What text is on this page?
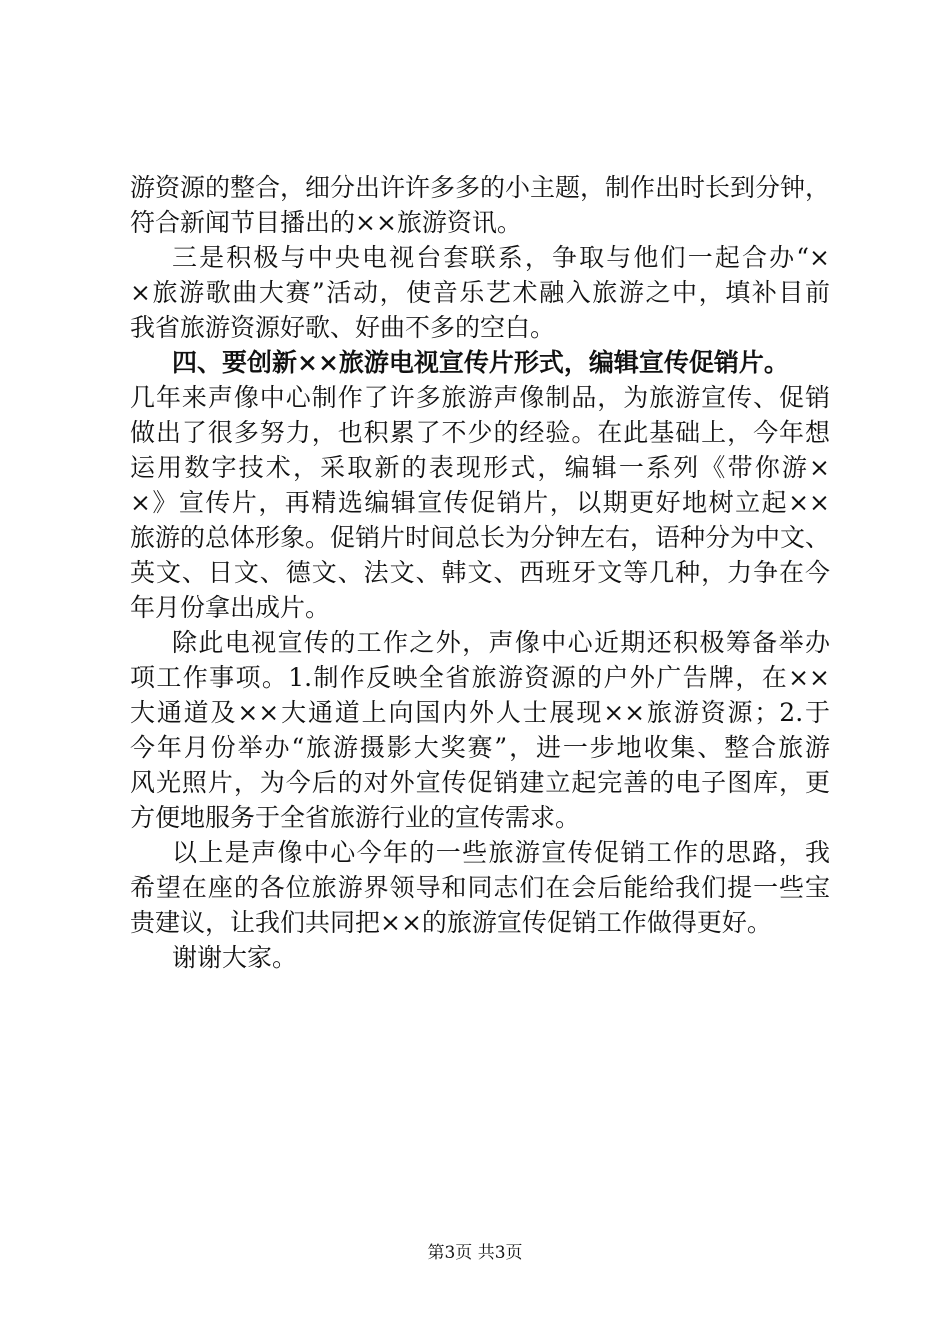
游资源的整合，细分出许许多多的小主题，制作出时长到分钟，
符合新闻节目播出的××旅游资讯。
三是积极与中央电视台套联系，争取与他们一起合办“×
×旅游歌曲大赛”活动，使音乐艺术融入旅游之中，填补目前
我省旅游资源好歌、好曲不多的空白。
四、要创新××旅游电视宣传片形式，编辑宣传促销片。
几年来声像中心制作了许多旅游声像制品，为旅游宣传、促销
做出了很多努力，也积累了不少的经验。在此基础上，今年想
运用数字技术，采取新的表现形式，编辑一系列《带你游×
×》宣传片，再精选编辑宣传促销片，以期更好地树立起××
旅游的总体形象。促销片时间总长为分钟左右，语种分为中文、
英文、日文、德文、法文、韩文、西班牙文等几种，力争在今
年月份拿出成片。
除此电视宣传的工作之外，声像中心近期还积极筹备举办
项工作事项。1.制作反映全省旅游资源的户外广告牌，在××
大通道及××大通道上向国内外人士展现××旅游资源；2.于
今年月份举办“旅游摄影大奖赛”，进一步地收集、整合旅游
风光照片，为今后的对外宣传促销建立起完善的电子图库，更
方便地服务于全省旅游行业的宣传需求。
以上是声像中心今年的一些旅游宣传促销工作的思路，我
希望在座的各位旅游界领导和同志们在会后能给我们提一些宝
贵建议，让我们共同把××的旅游宣传促销工作做得更好。
谢谢大家。
第3页 共3页
